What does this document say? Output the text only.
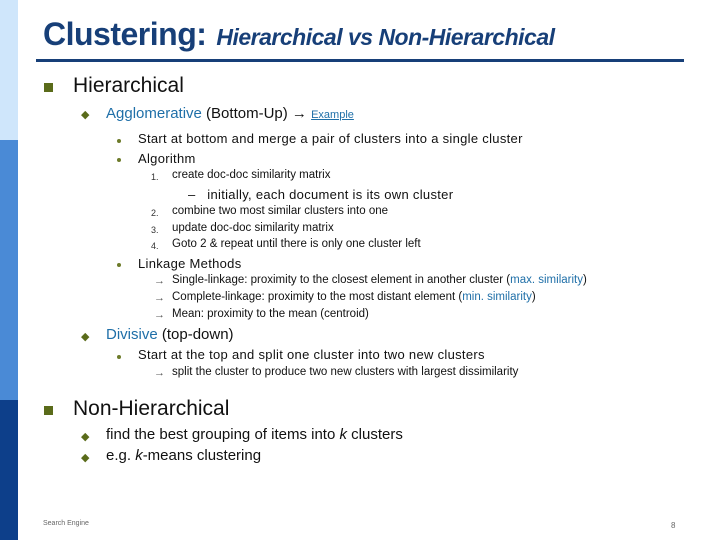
Clustering: Hierarchical vs Non-Hierarchical
Hierarchical
◆ Agglomerative (Bottom-Up) → Example
Start at bottom and merge a pair of clusters into a single cluster
Algorithm
1. create doc-doc similarity matrix
– initially, each document is its own cluster
2. combine two most similar clusters into one
3. update doc-doc similarity matrix
4. Goto 2 & repeat until there is only one cluster left
Linkage Methods
→ Single-linkage: proximity to the closest element in another cluster (max. similarity)
→ Complete-linkage: proximity to the most distant element (min. similarity)
→ Mean: proximity to the mean (centroid)
◆ Divisive (top-down)
Start at the top and split one cluster into two new clusters
→ split the cluster to produce two new clusters with largest dissimilarity
Non-Hierarchical
◆ find the best grouping of items into k clusters
◆ e.g. k-means clustering
Search Engine	8
